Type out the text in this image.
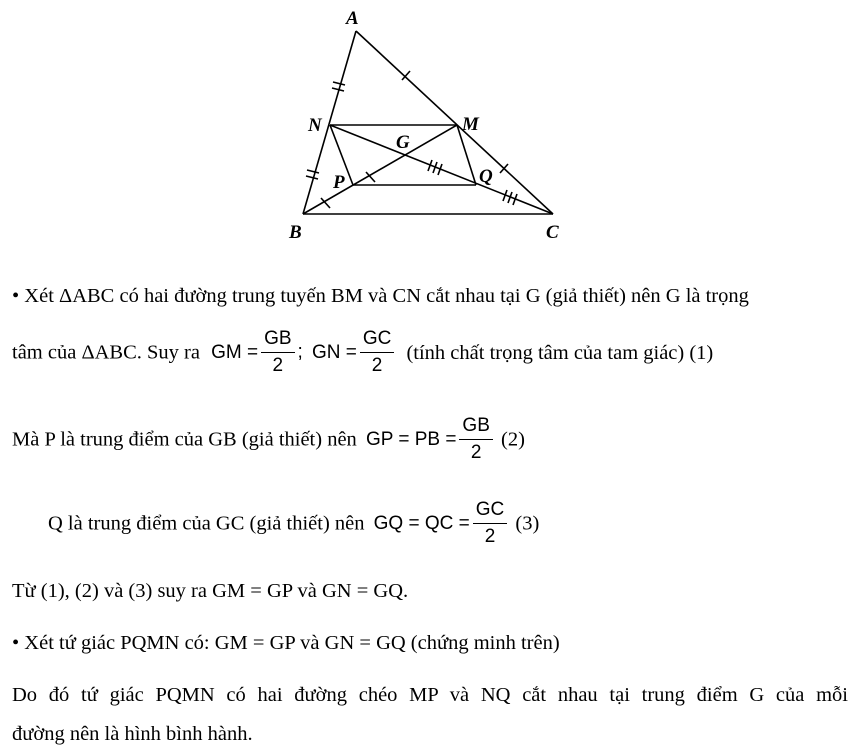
A
B	C
M
N
P	Q
G
• Xét ΔABC có hai đường trung tuyến BM và CN cắt nhau tại G (giả thiết) nên G là trọng
tâm của ΔABC. Suy ra GM = $\frac{GB}{2}$ ; GN = $\frac{GC}{2}$ (tính chất trọng tâm của tam giác) (1)
Mà P là trung điểm của GB (giả thiết) nên GP = PB = $\frac{GB}{2} (2)$
Q là trung điểm của GC (giả thiết) nên GQ = QC = $\frac{GC}{2} (3)$
Từ (1), (2) và (3) suy ra GM = GP và GN = GQ.
• Xét tứ giác PQMN có: GM = GP và GN = GQ (chứng minh trên)
Do đó tứ giác PQMN có hai đường chéo MP và NQ cắt nhau tại trung điểm G của mỗi
đường nên là hình bình hành.
